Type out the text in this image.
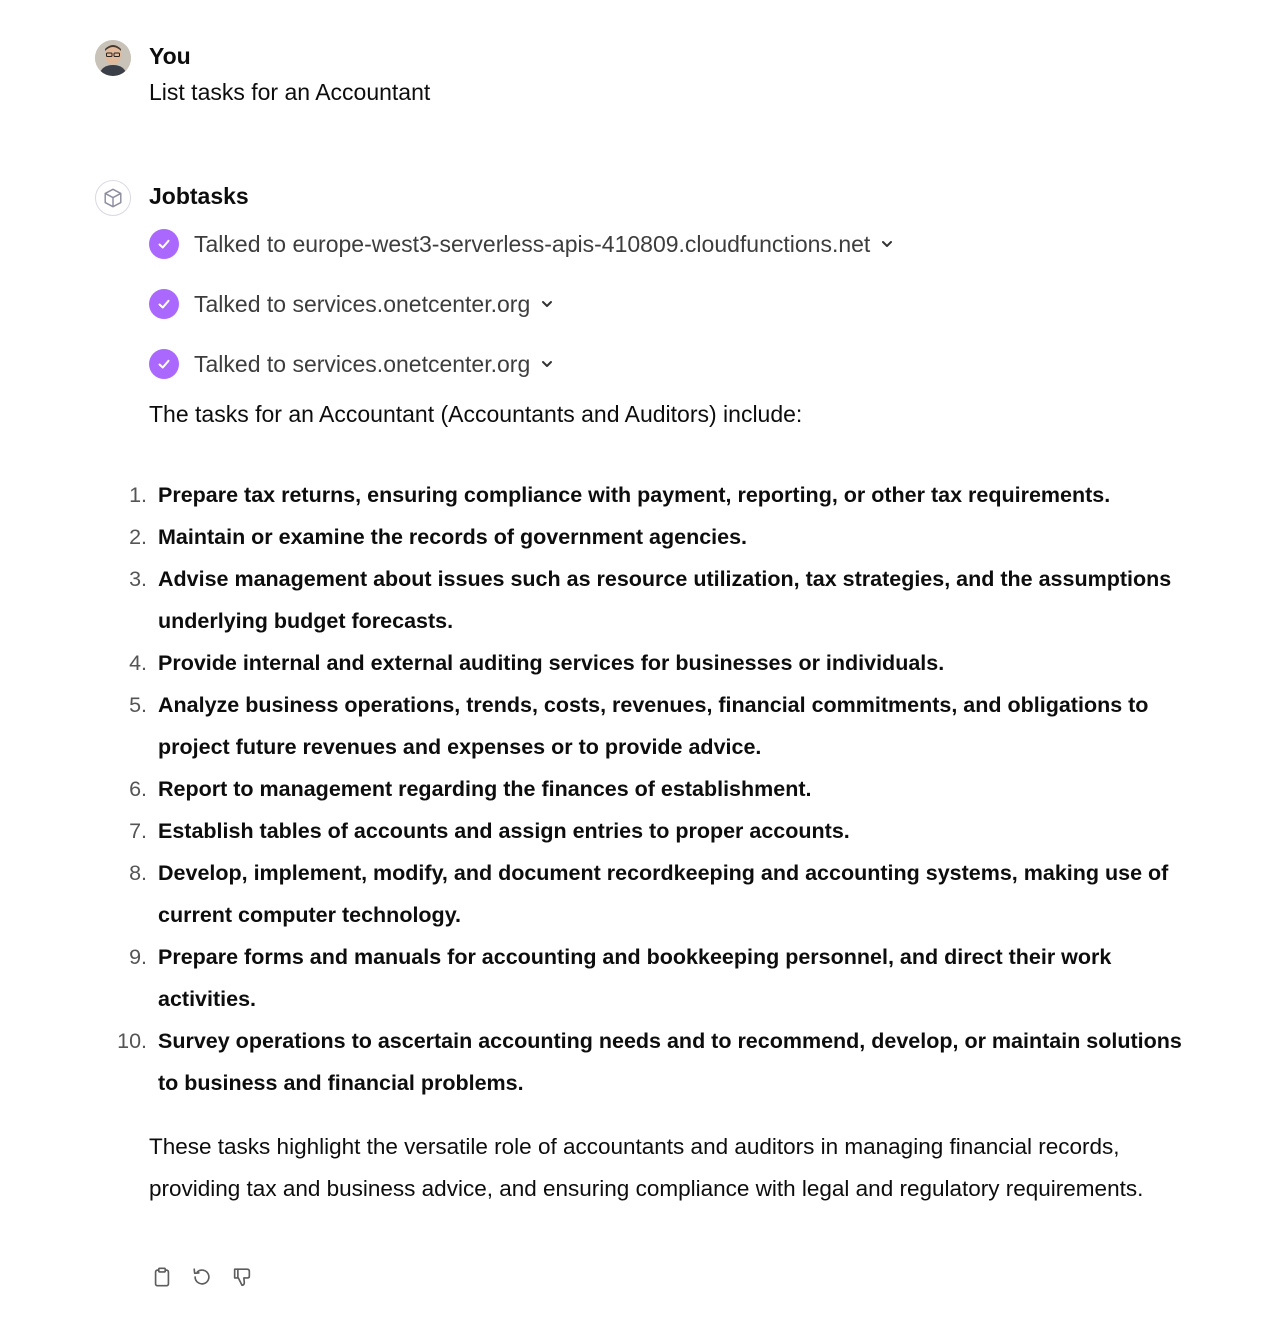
You
List tasks for an Accountant
Jobtasks
Talked to europe-west3-serverless-apis-410809.cloudfunctions.net
Talked to services.onetcenter.org
Talked to services.onetcenter.org
The tasks for an Accountant (Accountants and Auditors) include:
1. Prepare tax returns, ensuring compliance with payment, reporting, or other tax requirements.
2. Maintain or examine the records of government agencies.
3. Advise management about issues such as resource utilization, tax strategies, and the assumptions underlying budget forecasts.
4. Provide internal and external auditing services for businesses or individuals.
5. Analyze business operations, trends, costs, revenues, financial commitments, and obligations to project future revenues and expenses or to provide advice.
6. Report to management regarding the finances of establishment.
7. Establish tables of accounts and assign entries to proper accounts.
8. Develop, implement, modify, and document recordkeeping and accounting systems, making use of current computer technology.
9. Prepare forms and manuals for accounting and bookkeeping personnel, and direct their work activities.
10. Survey operations to ascertain accounting needs and to recommend, develop, or maintain solutions to business and financial problems.
These tasks highlight the versatile role of accountants and auditors in managing financial records, providing tax and business advice, and ensuring compliance with legal and regulatory requirements.
